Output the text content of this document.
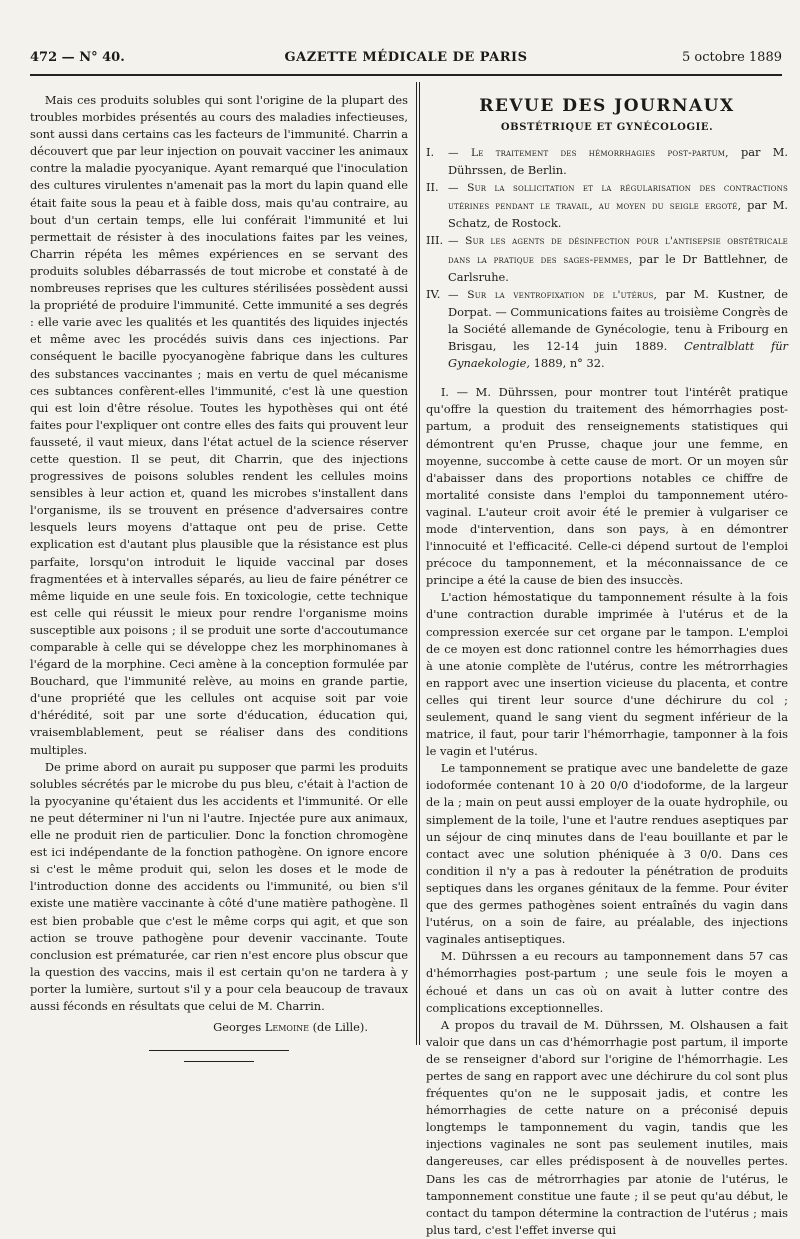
GAZETTE MÉDICALE DE PARIS
472 — N° 40.	5 octobre 1889

Mais ces produits solubles qui sont l'origine de la plupart des troubles morbides présentés au cours des maladies infectieuses, sont aussi dans certains cas les facteurs de l'immunité. Charrin a découvert que par leur injection on pouvait vacciner les animaux contre la maladie pyocyanique. Ayant remarqué que l'inoculation des cultures virulentes n'amenait pas la mort du lapin quand elle était faite sous la peau et à faible doss, mais qu'au contraire, au bout d'un certain temps, elle lui conférait l'immunité et lui permettait de résister à des inoculations faites par les veines, Charrin répéta les mêmes expériences en se servant des produits solubles débarrassés de tout microbe et constaté à de nombreuses reprises que les cultures stérilisées possèdent aussi la propriété de produire l'immunité. Cette immunité a ses degrés : elle varie avec les qualités et les quantités des liquides injectés et même avec les procédés suivis dans ces injections. Par conséquent le bacille pyocyanogène fabrique dans les cultures des substances vaccinantes ; mais en vertu de quel mécanisme ces subtances confèrent-elles l'immunité, c'est là une question qui est loin d'être résolue. Toutes les hypothèses qui ont été faites pour l'expliquer ont contre elles des faits qui prouvent leur fausseté, il vaut mieux, dans l'état actuel de la science réserver cette question. Il se peut, dit Charrin, que des injections progressives de poisons solubles rendent les cellules moins sensibles à leur action et, quand les microbes s'installent dans l'organisme, ils se trouvent en présence d'adversaires contre lesquels leurs moyens d'attaque ont peu de prise. Cette explication est d'autant plus plausible que la résistance est plus parfaite, lorsqu'on introduit le liquide vaccinal par doses fragmentées et à intervalles séparés, au lieu de faire pénétrer ce même liquide en une seule fois. En toxicologie, cette technique est celle qui réussit le mieux pour rendre l'organisme moins susceptible aux poisons ; il se produit une sorte d'accoutumance comparable à celle qui se développe chez les morphinomanes à l'égard de la morphine. Ceci amène à la conception formulée par Bouchard, que l'immunité relève, au moins en grande partie, d'une propriété que les cellules ont acquise soit par voie d'hérédité, soit par une sorte d'éducation, éducation qui, vraisemblablement, peut se réaliser dans des conditions multiples.

De prime abord on aurait pu supposer que parmi les produits solubles sécrétés par le microbe du pus bleu, c'était à l'action de la pyocyanine qu'étaient dus les accidents et l'immunité. Or elle ne peut déterminer ni l'un ni l'autre. Injectée pure aux animaux, elle ne produit rien de particulier. Donc la fonction chromogène est ici indépendante de la fonction pathogène. On ignore encore si c'est le même produit qui, selon les doses et le mode de l'introduction donne des accidents ou l'immunité, ou bien s'il existe une matière vaccinante à côté d'une matière pathogène. Il est bien probable que c'est le même corps qui agit, et que son action se trouve pathogène pour devenir vaccinante. Toute conclusion est prématurée, car rien n'est encore plus obscur que la question des vaccins, mais il est certain qu'on ne tardera à y porter la lumière, surtout s'il y a pour cela beaucoup de travaux aussi féconds en résultats que celui de M. Charrin.

Georges Lemoine (de Lille).
REVUE DES JOURNAUX
OBSTÉTRIQUE ET GYNÉCOLOGIE.
I. — Le traitement des hémorrhagies post-partum, par M. Dührssen, de Berlin.
II. — Sur la sollicitation et la régularisation des contractions utérines pendant le travail, au moyen du seigle ergoté, par M. Schatz, de Rostock.
III. — Sur les agents de désinfection pour l'antisepsie obstétricale dans la pratique des sages-femmes, par le Dr Battlehner, de Carlsruhe.
IV. — Sur la ventrofixation de l'utérus, par M. Kustner, de Dorpat. — Communications faites au troisième Congrès de la Société allemande de Gynécologie, tenu à Fribourg en Brisgau, les 12-14 juin 1889. Centralblatt für Gynaekologie, 1889, n° 32.

I. — M. Dührssen, pour montrer tout l'intérêt pratique qu'offre la question du traitement des hémorrhagies post-partum, a produit des renseignements statistiques qui démontrent qu'en Prusse, chaque jour une femme, en moyenne, succombe à cette cause de mort. Or un moyen sûr d'abaisser dans des proportions notables ce chiffre de mortalité consiste dans l'emploi du tamponnement utéro-vaginal. L'auteur croit avoir été le premier à vulgariser ce mode d'intervention, dans son pays, à en démontrer l'innocuité et l'efficacité. Celle-ci dépend surtout de l'emploi précoce du tamponnement, et la méconnaissance de ce principe a été la cause de bien des insuccès.

L'action hémostatique du tamponnement résulte à la fois d'une contraction durable imprimée à l'utérus et de la compression exercée sur cet organe par le tampon. L'emploi de ce moyen est donc rationnel contre les hémorrhagies dues à une atonie complète de l'utérus, contre les métrorrhagies en rapport avec une insertion vicieuse du placenta, et contre celles qui tirent leur source d'une déchirure du col ; seulement, quand le sang vient du segment inférieur de la matrice, il faut, pour tarir l'hémorrhagie, tamponner à la fois le vagin et l'utérus.

Le tamponnement se pratique avec une bandelette de gaze iodoformée contenant 10 à 20 0/0 d'iodoforme, de la largeur de la ; main on peut aussi employer de la ouate hydrophile, ou simplement de la toile, l'une et l'autre rendues aseptiques par un séjour de cinq minutes dans de l'eau bouillante et par le contact avec une solution phéniquée à 3 0/0. Dans ces condition il n'y a pas à redouter la pénétration de produits septiques dans les organes génitaux de la femme. Pour éviter que des germes pathogènes soient entraînés du vagin dans l'utérus, on a soin de faire, au préalable, des injections vaginales antiseptiques.

M. Dührssen a eu recours au tamponnement dans 57 cas d'hémorrhagies post-partum ; une seule fois le moyen a échoué et dans un cas où on avait à lutter contre des complications exceptionnelles.

A propos du travail de M. Dührssen, M. Olshausen a fait valoir que dans un cas d'hémorrhagie post partum, il importe de se renseigner d'abord sur l'origine de l'hémorrhagie. Les pertes de sang en rapport avec une déchirure du col sont plus fréquentes qu'on ne le supposait jadis, et contre les hémorrhagies de cette nature on a préconisé depuis longtemps le tamponnement du vagin, tandis que les injections vaginales ne sont pas seulement inutiles, mais dangereuses, car elles prédisposent à de nouvelles pertes. Dans les cas de métrorrhagies par atonie de l'utérus, le tamponnement constitue une faute ; il se peut qu'au début, le contact du tampon détermine la contraction de l'utérus ; mais plus tard, c'est l'effet inverse qui
